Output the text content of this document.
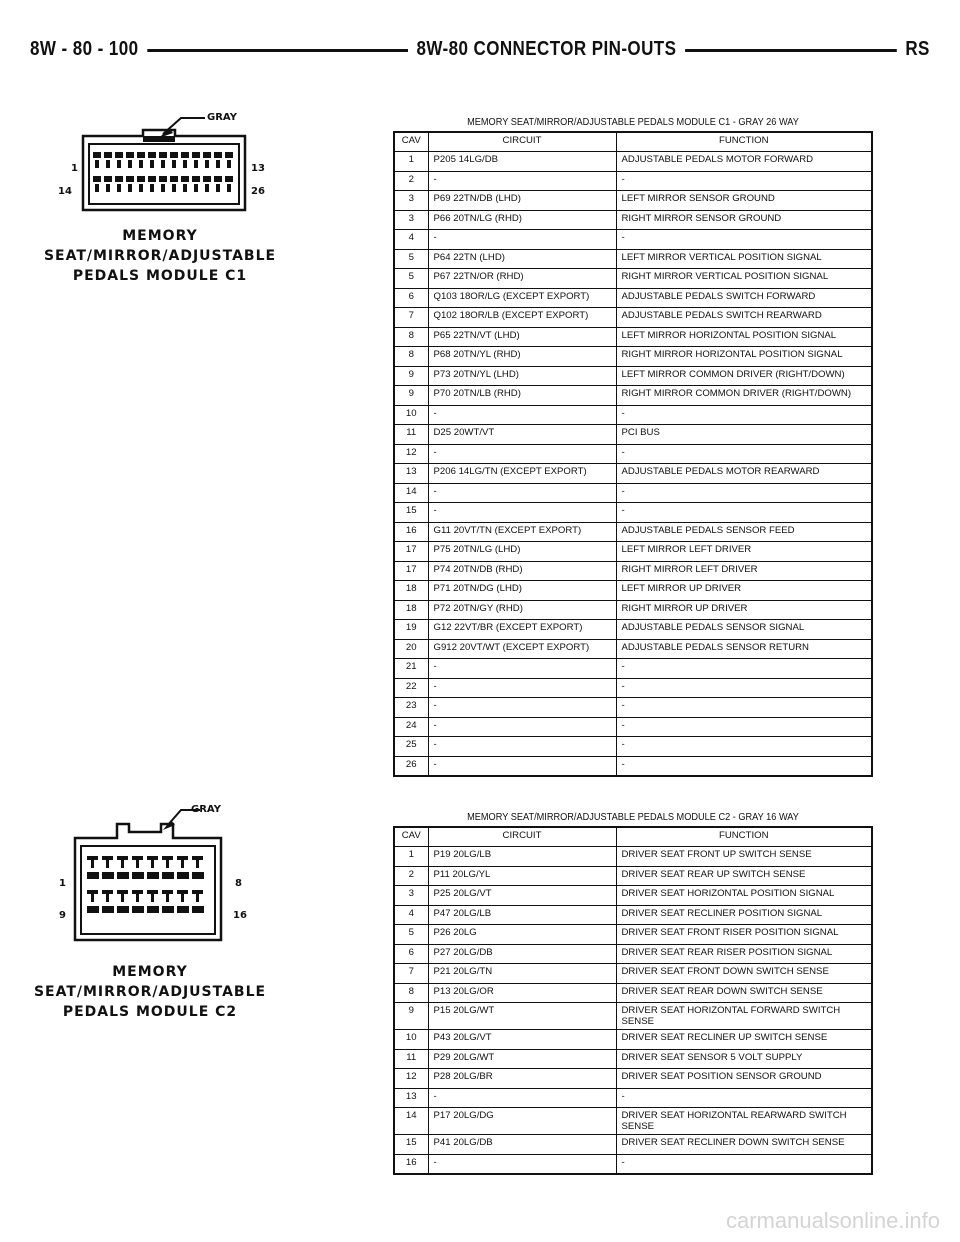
8W - 80 - 100	8W-80 CONNECTOR PIN-OUTS	RS
GRAY
1	13
14	26
MEMORY
SEAT/MIRROR/ADJUSTABLE
PEDALS MODULE C1
MEMORY SEAT/MIRROR/ADJUSTABLE PEDALS MODULE C1 - GRAY 26 WAY
CAV	CIRCUIT	FUNCTION
1	P205 14LG/DB	ADJUSTABLE PEDALS MOTOR FORWARD
2	-	-
3	P69 22TN/DB (LHD)	LEFT MIRROR SENSOR GROUND
3	P66 20TN/LG (RHD)	RIGHT MIRROR SENSOR GROUND
4	-	-
5	P64 22TN (LHD)	LEFT MIRROR VERTICAL POSITION SIGNAL
5	P67 22TN/OR (RHD)	RIGHT MIRROR VERTICAL POSITION SIGNAL
6	Q103 18OR/LG (EXCEPT EXPORT)	ADJUSTABLE PEDALS SWITCH FORWARD
7	Q102 18OR/LB (EXCEPT EXPORT)	ADJUSTABLE PEDALS SWITCH REARWARD
8	P65 22TN/VT (LHD)	LEFT MIRROR HORIZONTAL POSITION SIGNAL
8	P68 20TN/YL (RHD)	RIGHT MIRROR HORIZONTAL POSITION SIGNAL
9	P73 20TN/YL (LHD)	LEFT MIRROR COMMON DRIVER (RIGHT/DOWN)
9	P70 20TN/LB (RHD)	RIGHT MIRROR COMMON DRIVER (RIGHT/DOWN)
10	-	-
11	D25 20WT/VT	PCI BUS
12	-	-
13	P206 14LG/TN (EXCEPT EXPORT)	ADJUSTABLE PEDALS MOTOR REARWARD
14	-	-
15	-	-
16	G11 20VT/TN (EXCEPT EXPORT)	ADJUSTABLE PEDALS SENSOR FEED
17	P75 20TN/LG (LHD)	LEFT MIRROR LEFT DRIVER
17	P74 20TN/DB (RHD)	RIGHT MIRROR LEFT DRIVER
18	P71 20TN/DG (LHD)	LEFT MIRROR UP DRIVER
18	P72 20TN/GY (RHD)	RIGHT MIRROR UP DRIVER
19	G12 22VT/BR (EXCEPT EXPORT)	ADJUSTABLE PEDALS SENSOR SIGNAL
20	G912 20VT/WT (EXCEPT EXPORT)	ADJUSTABLE PEDALS SENSOR RETURN
21	-	-
22	-	-
23	-	-
24	-	-
25	-	-
26	-	-
GRAY
1	8
9	16
MEMORY
SEAT/MIRROR/ADJUSTABLE
PEDALS MODULE C2
MEMORY SEAT/MIRROR/ADJUSTABLE PEDALS MODULE C2 - GRAY 16 WAY
CAV	CIRCUIT	FUNCTION
1	P19 20LG/LB	DRIVER SEAT FRONT UP SWITCH SENSE
2	P11 20LG/YL	DRIVER SEAT REAR UP SWITCH SENSE
3	P25 20LG/VT	DRIVER SEAT HORIZONTAL POSITION SIGNAL
4	P47 20LG/LB	DRIVER SEAT RECLINER POSITION SIGNAL
5	P26 20LG	DRIVER SEAT FRONT RISER POSITION SIGNAL
6	P27 20LG/DB	DRIVER SEAT REAR RISER POSITION SIGNAL
7	P21 20LG/TN	DRIVER SEAT FRONT DOWN SWITCH SENSE
8	P13 20LG/OR	DRIVER SEAT REAR DOWN SWITCH SENSE
9	P15 20LG/WT	DRIVER SEAT HORIZONTAL FORWARD SWITCH SENSE
10	P43 20LG/VT	DRIVER SEAT RECLINER UP SWITCH SENSE
11	P29 20LG/WT	DRIVER SEAT SENSOR 5 VOLT SUPPLY
12	P28 20LG/BR	DRIVER SEAT POSITION SENSOR GROUND
13	-	-
14	P17 20LG/DG	DRIVER SEAT HORIZONTAL REARWARD SWITCH SENSE
15	P41 20LG/DB	DRIVER SEAT RECLINER DOWN SWITCH SENSE
16	-	-
carmanualsonline.info
